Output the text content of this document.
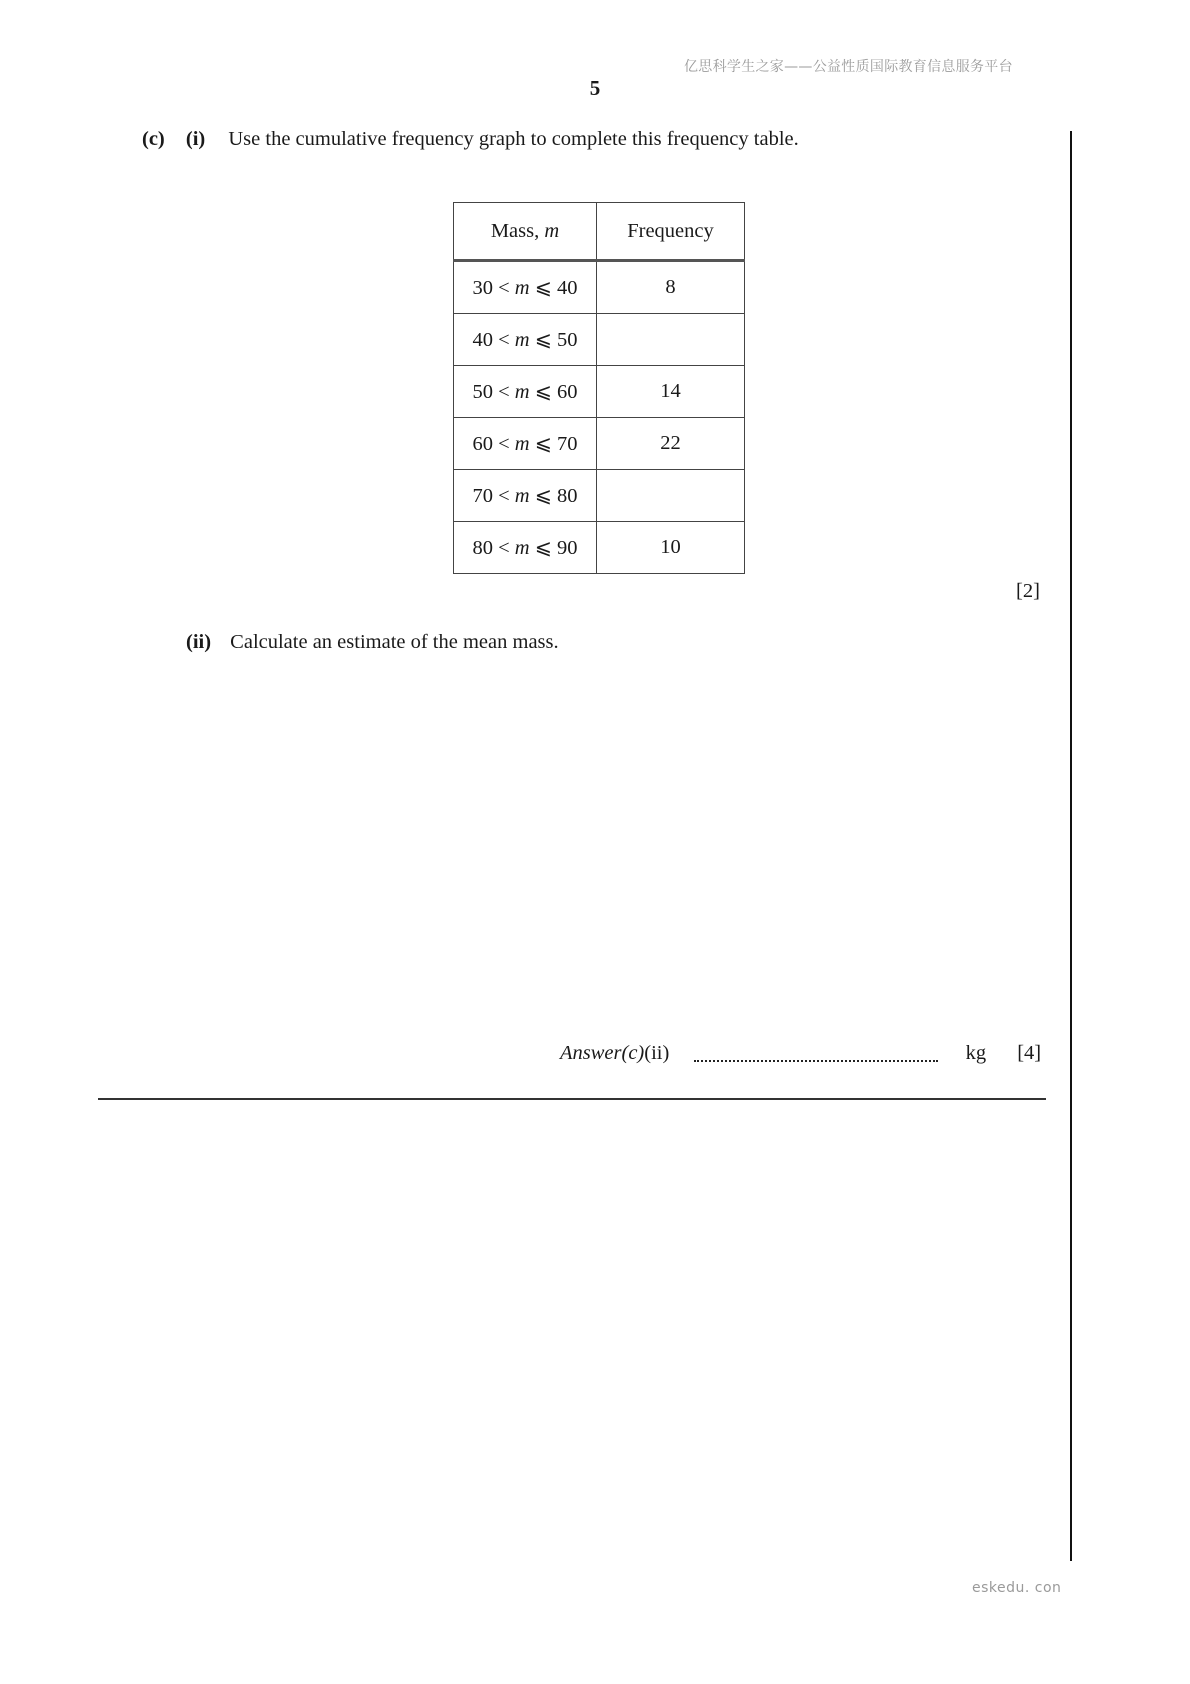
亿思科学生之家——公益性质国际教育信息服务平台
5
(c) (i) Use the cumulative frequency graph to complete this frequency table.
Mass, m	Frequency
30 < m ⩽ 40	8
40 < m ⩽ 50	
50 < m ⩽ 60	14
60 < m ⩽ 70	22
70 < m ⩽ 80	
80 < m ⩽ 90	10
[2]
(ii) Calculate an estimate of the mean mass.
Answer(c)(ii)	kg [4]
eskedu. con
